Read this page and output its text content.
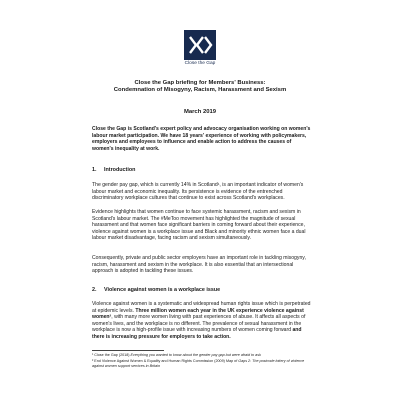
Close the Gap
Close the Gap briefing for Members' Business:
Condemnation of Misogyny, Racism, Harassment and Sexism
March 2019

Close the Gap is Scotland's expert policy and advocacy organisation working on women's labour market participation. We have 18 years' experience of working with policymakers, employers and employees to influence and enable action to address the causes of women's inequality at work.

1. Introduction

The gender pay gap, which is currently 14% in Scotland¹, is an important indicator of women's labour market and economic inequality. Its persistence is evidence of the entrenched discriminatory workplace cultures that continue to exist across Scotland's workplaces.

Evidence highlights that women continue to face systemic harassment, racism and sexism in Scotland's labour market. The #MeToo movement has highlighted the magnitude of sexual harassment and that women face significant barriers in coming forward about their experience, violence against women is a workplace issue and Black and minority ethnic women face a dual labour market disadvantage, facing racism and sexism simultaneously.

Consequently, private and public sector employers have an important role in tackling misogyny, racism, harassment and sexism in the workplace. It is also essential that an intersectional approach is adopted in tackling these issues.

2. Violence against women is a workplace issue

Violence against women is a systematic and widespread human rights issue which is perpetrated at epidemic levels. Three million women each year in the UK experience violence against women², with many more women living with past experiences of abuse. It affects all aspects of women's lives, and the workplace is no different. The prevalence of sexual harassment in the workplace is now a high-profile issue with increasing numbers of women coming forward and there is increasing pressure for employers to take action.

¹ Close the Gap (2018) Everything you wanted to know about the gender pay gap but were afraid to ask

² End Violence Against Women & Equality and Human Rights Commission (2009) Map of Gaps 2: The postcode lottery of violence against women support services in Britain
